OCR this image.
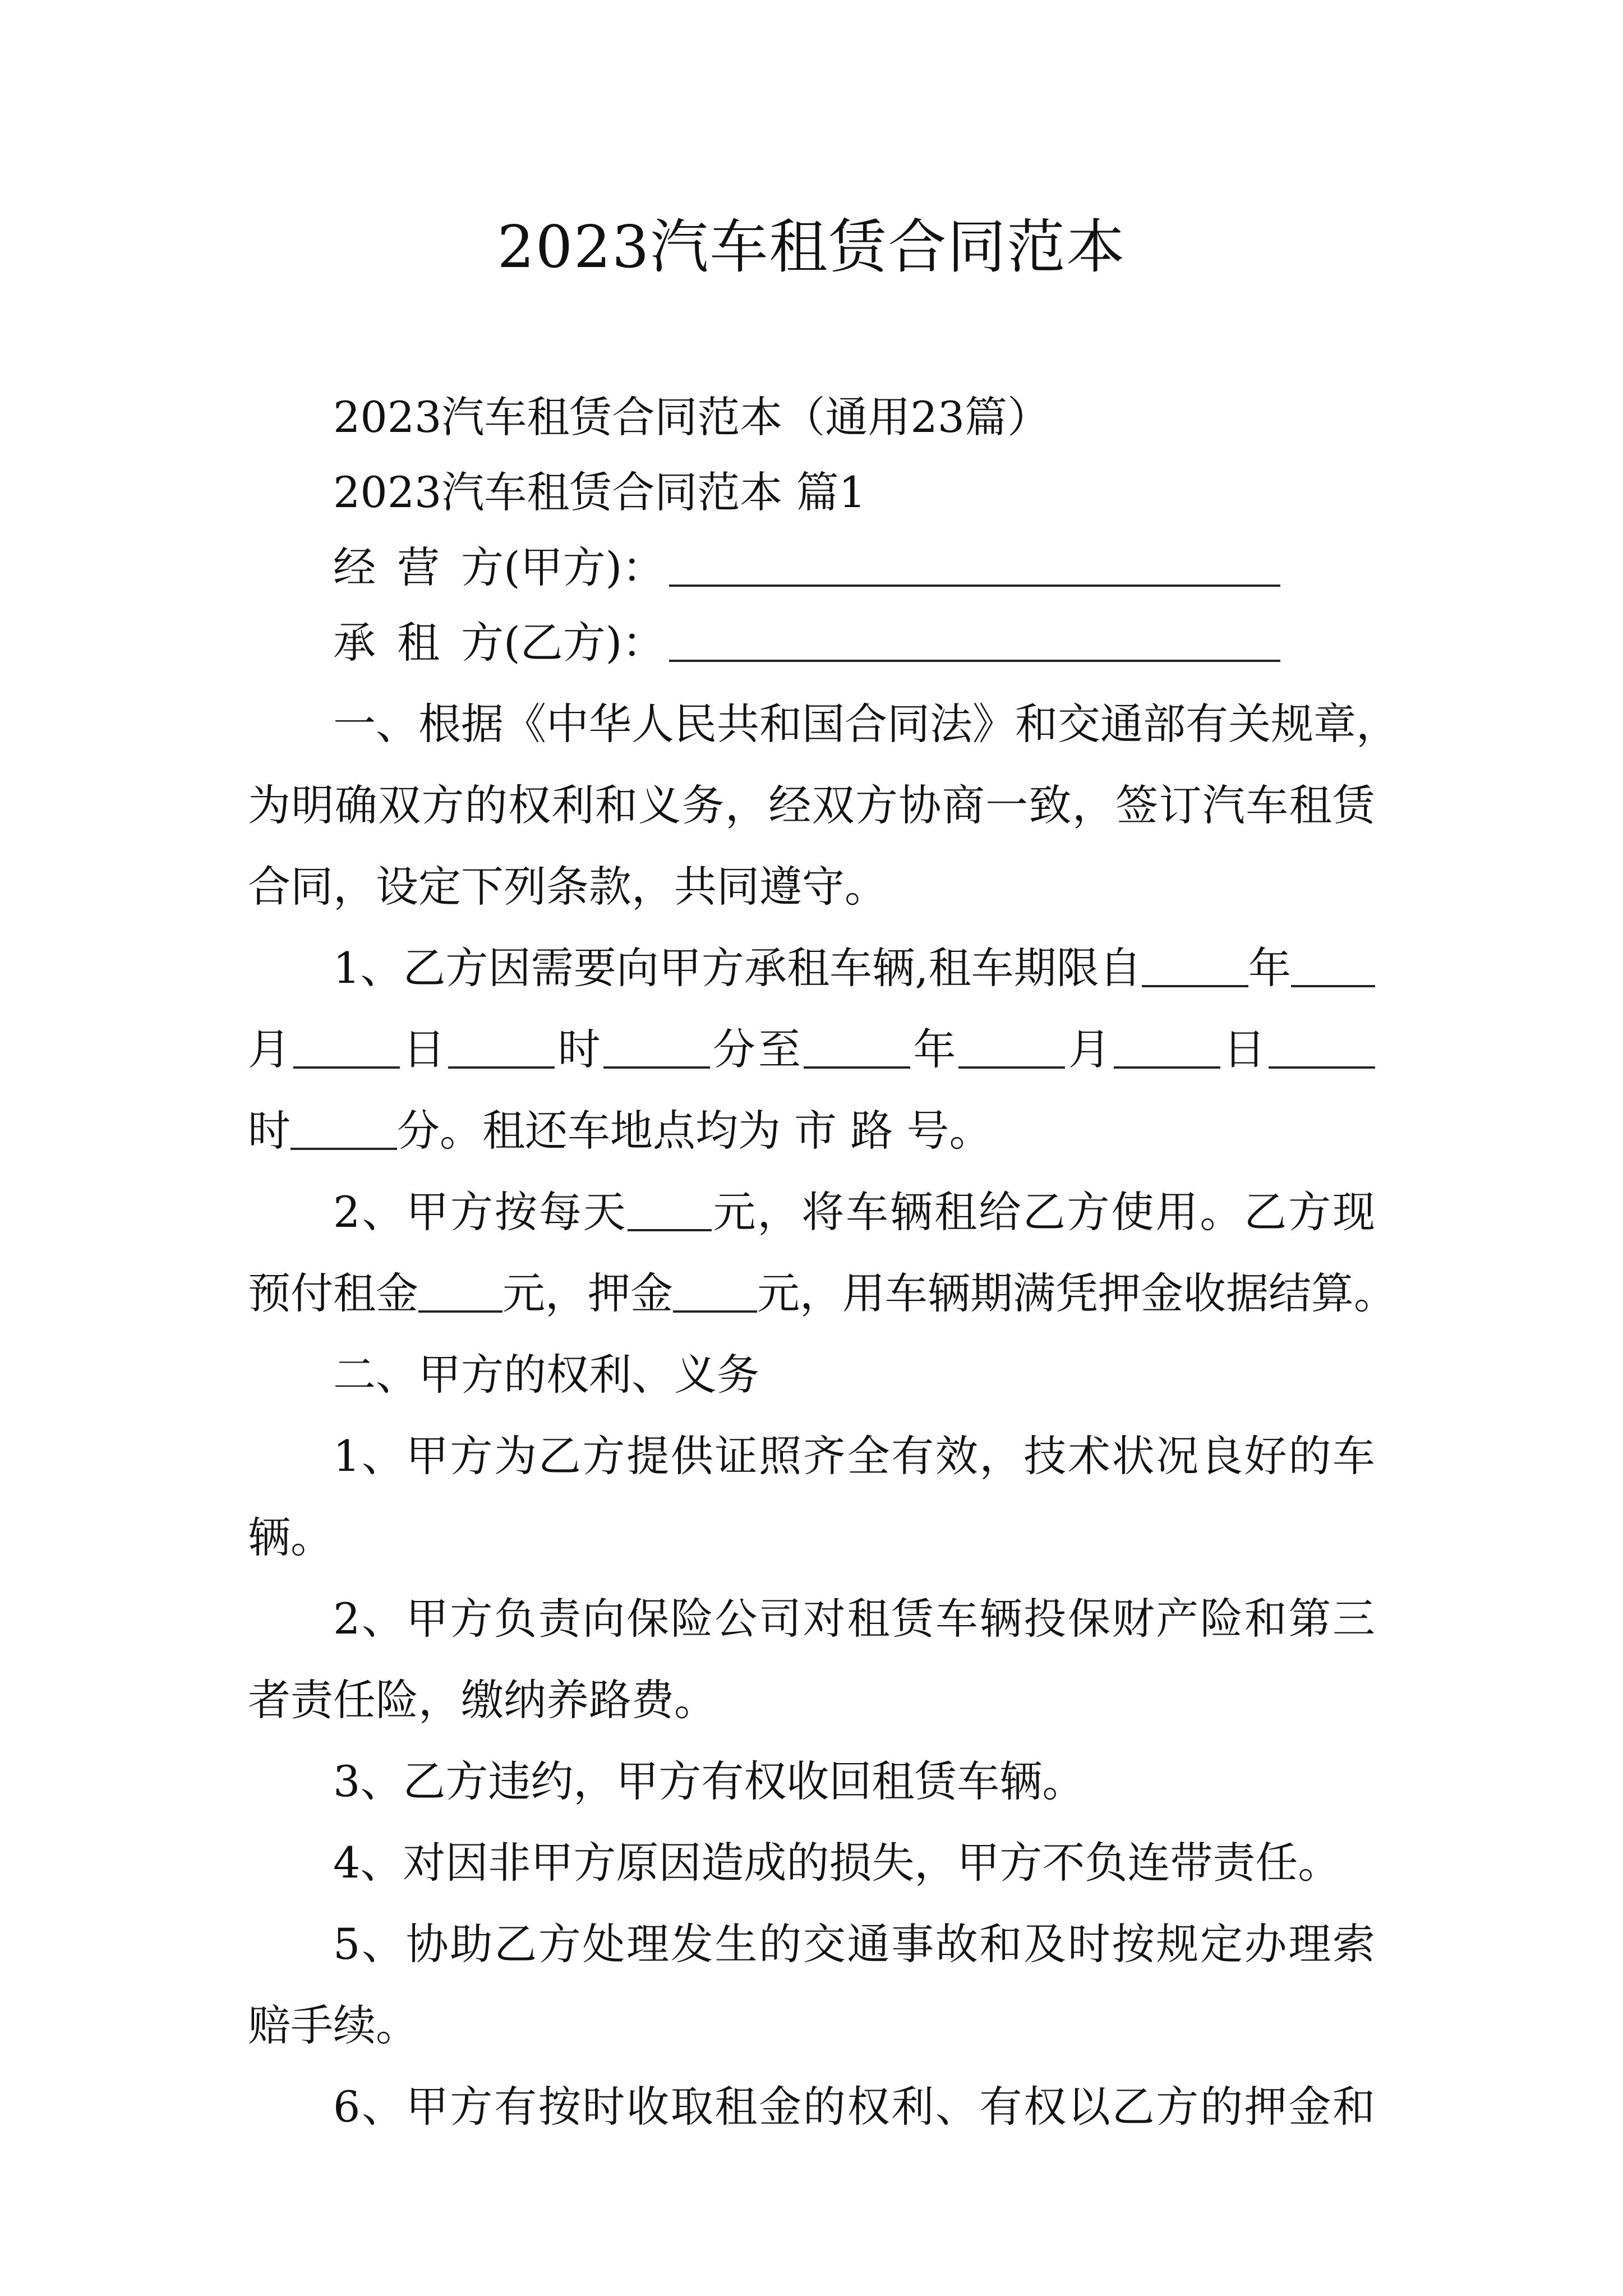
2023汽车租赁合同范本
2023汽车租赁合同范本（通用23篇）
2023汽车租赁合同范本 篇1
经 营 方(甲方)：
承 租 方(乙方)：
一、根据《中华人民共和国合同法》和交通部有关规章，
为明确双方的权利和义务，经双方协商一致，签订汽车租赁
合同，设定下列条款，共同遵守。
1、乙方因需要向甲方承租车辆,租车期限自	年
月	日	时	分至	年	月	日
时	分。租还车地点均为 市 路 号。
2、甲方按每天 元，将车辆租给乙方使用。乙方现
预付租金 元，押金 元，用车辆期满凭押金收据结算。
二、甲方的权利、义务
1、甲方为乙方提供证照齐全有效，技术状况良好的车
辆。
2、甲方负责向保险公司对租赁车辆投保财产险和第三
者责任险，缴纳养路费。
3、乙方违约，甲方有权收回租赁车辆。
4、对因非甲方原因造成的损失，甲方不负连带责任。
5、协助乙方处理发生的交通事故和及时按规定办理索
赔手续。
6、甲方有按时收取租金的权利、有权以乙方的押金和
